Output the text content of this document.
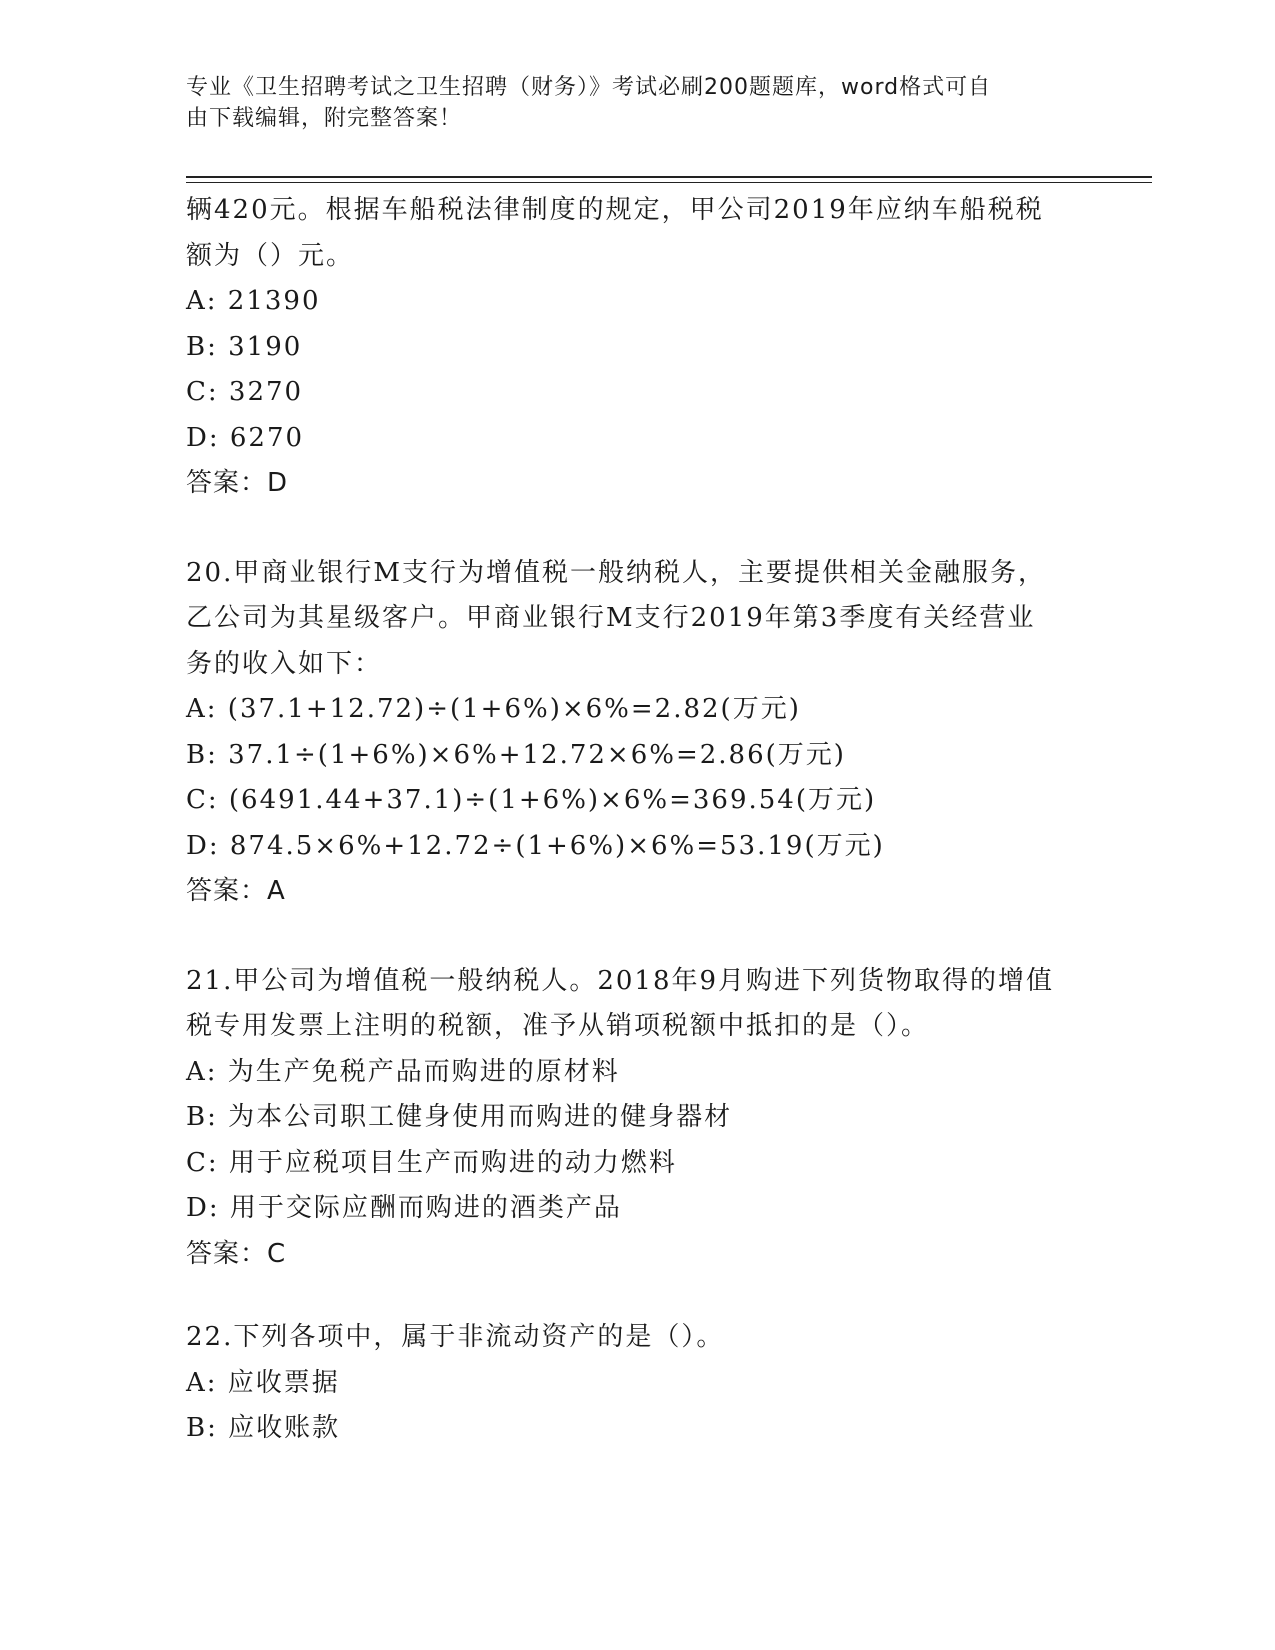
专业《卫生招聘考试之卫生招聘（财务）》考试必刷200题题库，word格式可自
由下载编辑，附完整答案！
辆420元。根据车船税法律制度的规定，甲公司2019年应纳车船税税
额为（）元。
A: 21390
B: 3190
C: 3270
D: 6270
答案：D
20.甲商业银行M支行为增值税一般纳税人，主要提供相关金融服务，
乙公司为其星级客户。甲商业银行M支行2019年第3季度有关经营业
务的收入如下：
A: (37.1+12.72)÷(1+6%)×6%=2.82(万元)
B: 37.1÷(1+6%)×6%+12.72×6%=2.86(万元)
C: (6491.44+37.1)÷(1+6%)×6%=369.54(万元)
D: 874.5×6%+12.72÷(1+6%)×6%=53.19(万元)
答案：A
21.甲公司为增值税一般纳税人。2018年9月购进下列货物取得的增值
税专用发票上注明的税额，准予从销项税额中抵扣的是（）。
A: 为生产免税产品而购进的原材料
B: 为本公司职工健身使用而购进的健身器材
C: 用于应税项目生产而购进的动力燃料
D: 用于交际应酬而购进的酒类产品
答案：C
22.下列各项中，属于非流动资产的是（）。
A: 应收票据
B: 应收账款
